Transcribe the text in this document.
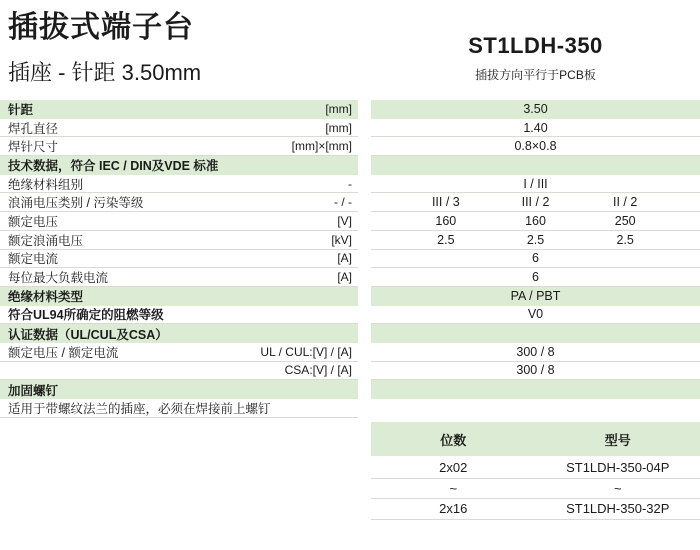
插拔式端子台
插座 - 针距 3.50mm
ST1LDH-350
插拔方向平行于PCB板
针距	[mm]	3.50
焊孔直径	[mm]	1.40
焊针尺寸	[mm]×[mm]	0.8×0.8
技术数据，符合 IEC / DIN及VDE 标准
绝缘材料组别	-	I / III
浪涌电压类别 / 污染等级	- / -	III / 3	III / 2	II / 2
额定电压	[V]	160	160	250
额定浪涌电压	[kV]	2.5	2.5	2.5
额定电流	[A]	6
每位最大负载电流	[A]	6
绝缘材料类型	PA / PBT
符合UL94所确定的阻燃等级	V0
认证数据（UL/CUL及CSA）
额定电压 / 额定电流	UL / CUL:[V] / [A]	300 / 8
CSA:[V] / [A]	300 / 8
加固螺钉
适用于带螺纹法兰的插座，必须在焊接前上螺钉
位数	型号
2x02	ST1LDH-350-04P
~	~
2x16	ST1LDH-350-32P
